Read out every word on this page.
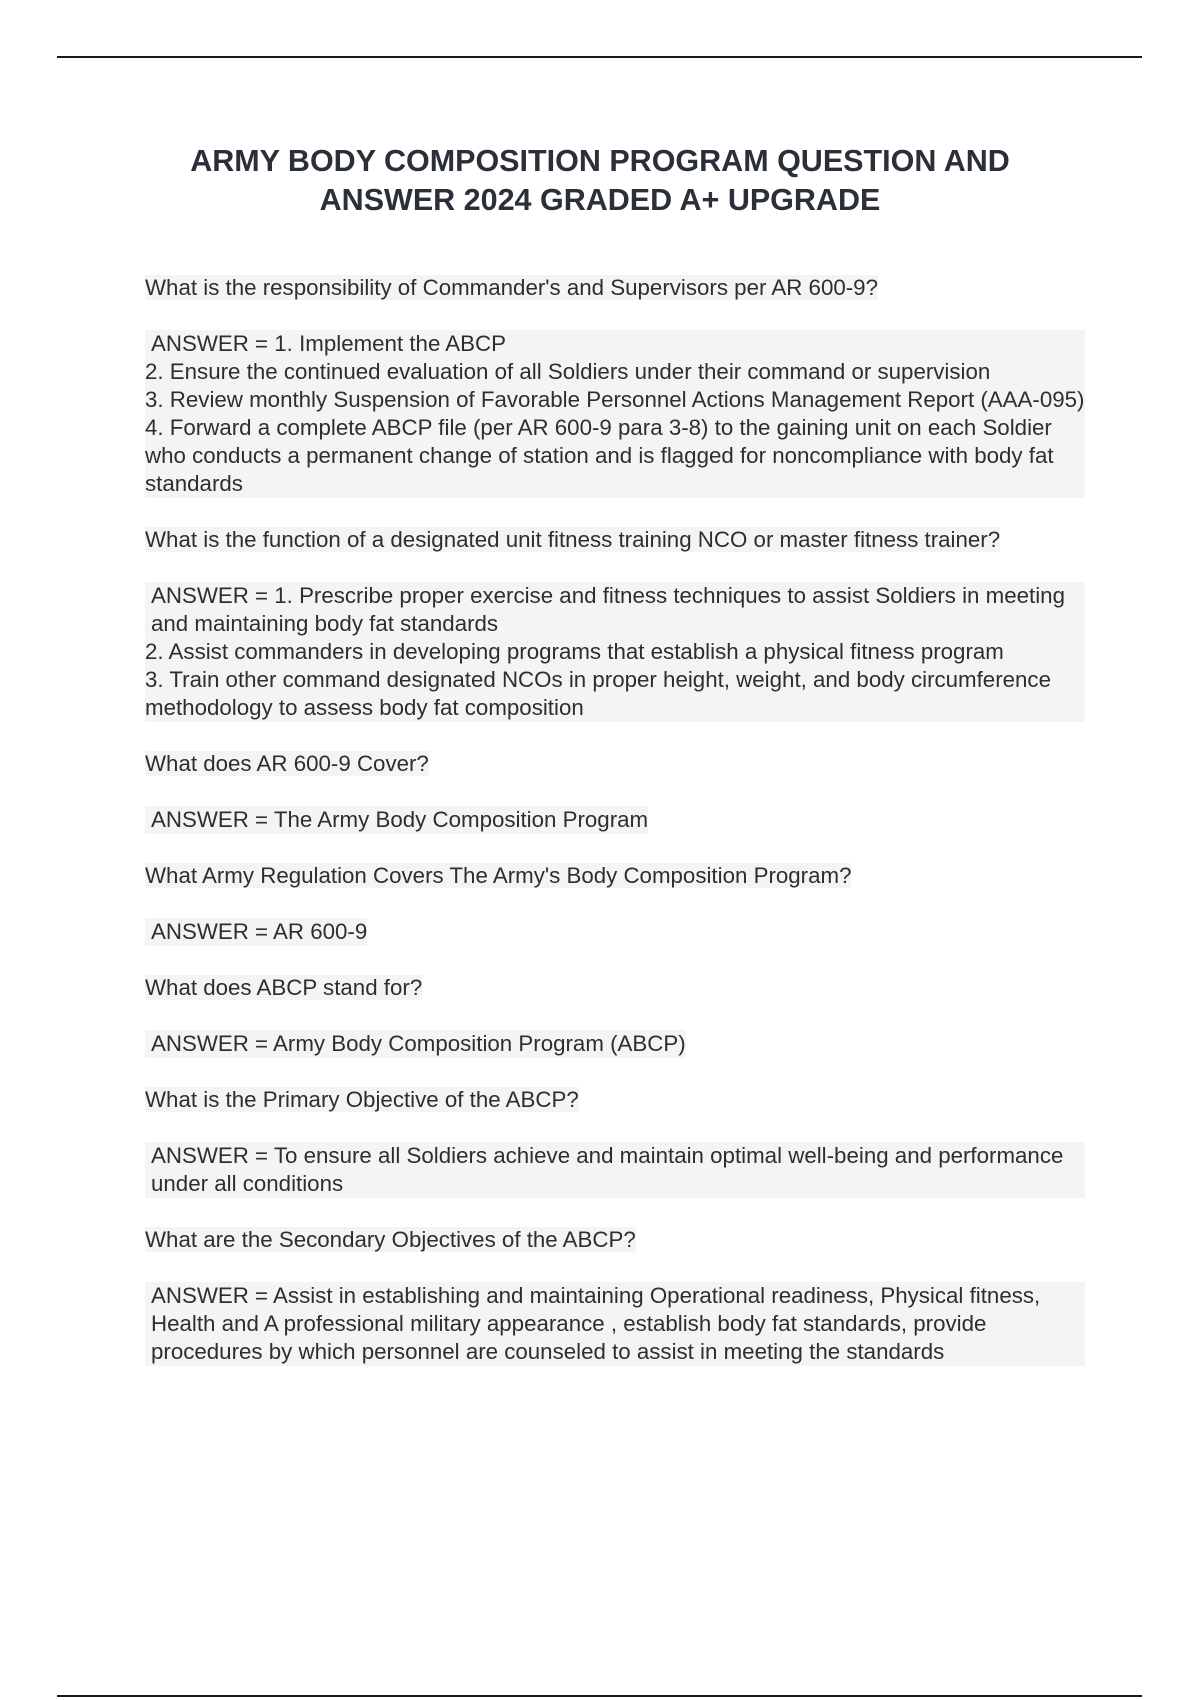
ARMY BODY COMPOSITION PROGRAM QUESTION AND
ANSWER 2024 GRADED A+ UPGRADE
What is the responsibility of Commander's and Supervisors per AR 600-9?
ANSWER = 1. Implement the ABCP
2. Ensure the continued evaluation of all Soldiers under their command or supervision
3. Review monthly Suspension of Favorable Personnel Actions Management Report (AAA-095)
4. Forward a complete ABCP file (per AR 600-9 para 3-8) to the gaining unit on each Soldier who conducts a permanent change of station and is flagged for noncompliance with body fat standards
What is the function of a designated unit fitness training NCO or master fitness trainer?
ANSWER = 1. Prescribe proper exercise and fitness techniques to assist Soldiers in meeting and maintaining body fat standards
2. Assist commanders in developing programs that establish a physical fitness program
3. Train other command designated NCOs in proper height, weight, and body circumference methodology to assess body fat composition
What does AR 600-9 Cover?
ANSWER = The Army Body Composition Program
What Army Regulation Covers The Army's Body Composition Program?
ANSWER = AR 600-9
What does ABCP stand for?
ANSWER = Army Body Composition Program (ABCP)
What is the Primary Objective of the ABCP?
ANSWER = To ensure all Soldiers achieve and maintain optimal well-being and performance under all conditions
What are the Secondary Objectives of the ABCP?
ANSWER = Assist in establishing and maintaining Operational readiness, Physical fitness, Health and A professional military appearance , establish body fat standards, provide procedures by which personnel are counseled to assist in meeting the standards
